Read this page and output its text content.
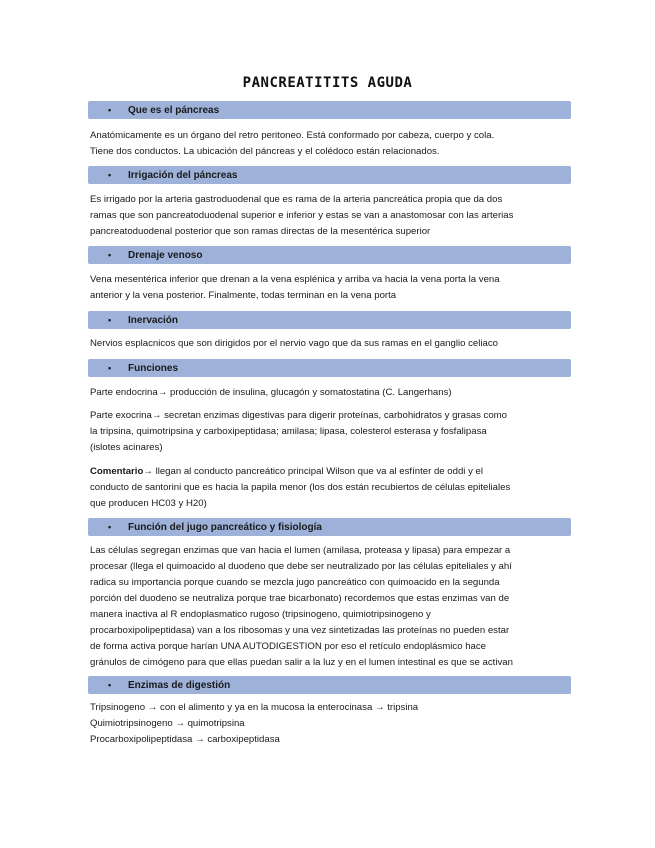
PANCREATITITS AGUDA
• Que es el páncreas
Anatómicamente es un órgano del retro peritoneo. Está conformado por cabeza, cuerpo y cola.
Tiene dos conductos. La ubicación del páncreas y el colédoco están relacionados.
• Irrigación del páncreas
Es irrigado por la arteria gastroduodenal que es rama de la arteria pancreática propia que da dos
ramas que son pancreatoduodenal superior e inferior y estas se van a anastomosar con las arterias
pancreatoduodenal posterior que son ramas directas de la mesentérica superior
• Drenaje venoso
Vena mesentérica inferior que drenan a la vena esplénica y arriba va hacia la vena porta la vena
anterior y la vena posterior. Finalmente, todas terminan en la vena porta
• Inervación
Nervios esplacnicos que son dirigidos por el nervio vago que da sus ramas en el ganglio celiaco
• Funciones
Parte endocrina→ producción de insulina, glucagón y somatostatina (C. Langerhans)
Parte exocrina→ secretan enzimas digestivas para digerir proteínas, carbohidratos y grasas como
la tripsina, quimotripsina y carboxipeptidasa; amilasa; lipasa, colesterol esterasa y fosfalipasa
(islotes acinares)
Comentario→ llegan al conducto pancreático principal Wilson que va al esfínter de oddi y el
conducto de santorini que es hacia la papila menor (los dos están recubiertos de células epiteliales
que producen HC03 y H20)
• Función del jugo pancreático y fisiología
Las células segregan enzimas que van hacia el lumen (amilasa, proteasa y lipasa) para empezar a
procesar (llega el quimoacido al duodeno que debe ser neutralizado por las células epiteliales y ahí
radica su importancia porque cuando se mezcla jugo pancreático con quimoacido en la segunda
porción del duodeno se neutraliza porque trae bicarbonato) recordemos que estas enzimas van de
manera inactiva al R endoplasmatico rugoso (tripsinogeno, quimiotripsinogeno y
procarboxipolipeptidasa) van a los ribosomas y una vez sintetizadas las proteínas no pueden estar
de forma activa porque harían UNA AUTODIGESTION por eso el retículo endoplásmico hace
gránulos de cimógeno para que ellas puedan salir a la luz y en el lumen intestinal es que se activan
• Enzimas de digestión
Tripsinogeno → con el alimento y ya en la mucosa la enterocinasa → tripsina
Quimiotripsinogeno → quimotripsina
Procarboxipolipeptidasa → carboxipeptidasa
